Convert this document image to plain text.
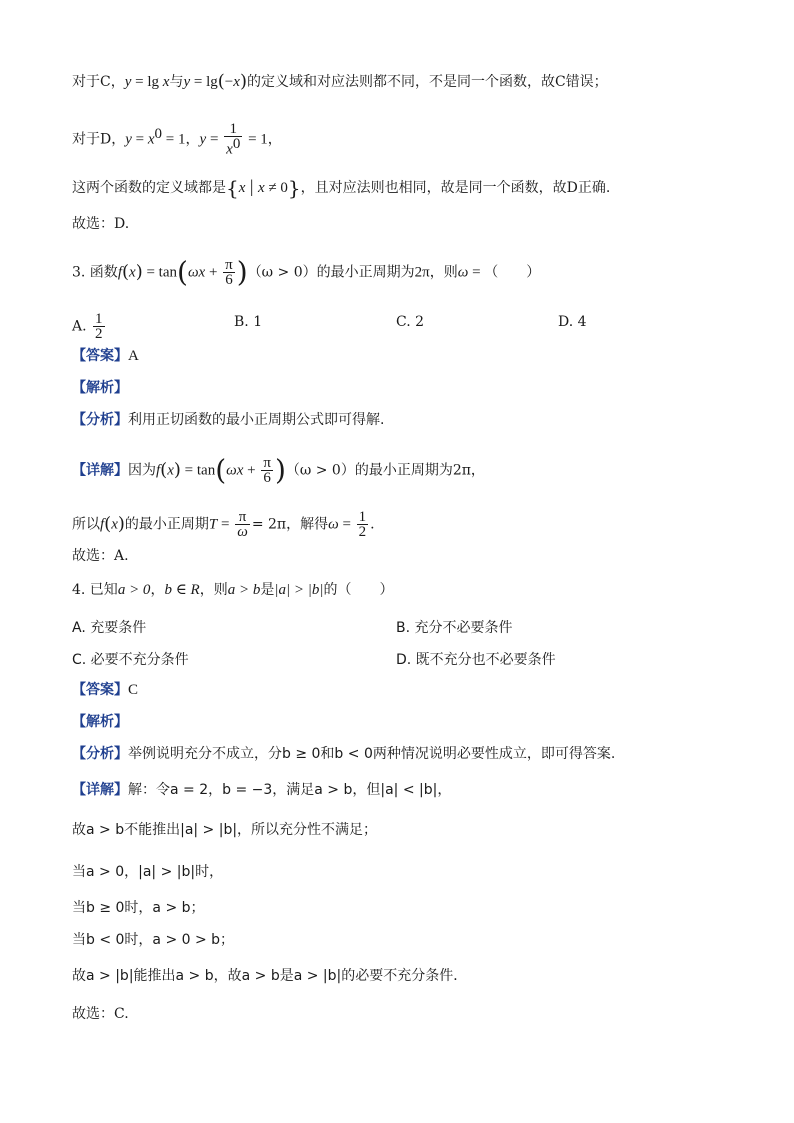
对于C，y = lg x与y = lg(−x)的定义域和对应法则都不同，不是同一个函数，故C错误；
对于D，$y = x^0 = 1$，$y = \frac{1}{x^0} = 1$，
这两个函数的定义域都是{x | x ≠ 0}，且对应法则也相同，故是同一个函数，故D正确.
故选：D.
3. 函数$f(x) = \tan(\omega x + \frac{\pi}{6} )(\omega > 0)$的最小正周期为2π，则ω = （　　）
A. $\frac{1}{2}$	B. 1	C. 2	D. 4
【答案】A
【解析】
【分析】利用正切函数的最小正周期公式即可得解.
【详解】因为$f(x) = \tan(\omega x + \frac{\pi}{6} )(\omega > 0)$的最小正周期为2π，
所以f(x)的最小正周期$T = \frac{\pi}{\omega} = 2\pi$，解得$\omega = \frac{1}{2}$ .
故选：A.
4. 已知a > 0，b ∈ R，则a > b是|a| > |b|的（　　）
A. 充要条件	B. 充分不必要条件
C. 必要不充分条件	D. 既不充分也不必要条件
【答案】C
【解析】
【分析】举例说明充分不成立，分b ≥ 0和b < 0两种情况说明必要性成立，即可得答案.
【详解】解：令a = 2，b = −3，满足a > b，但|a| < |b|，
故a > b不能推出|a| > |b|，所以充分性不满足；
当a > 0，|a| > |b|时，
当b ≥ 0时，a > b；
当b < 0时，a > 0 > b；
故a > |b|能推出a > b，故a > b是a > |b|的必要不充分条件．
故选：C.
